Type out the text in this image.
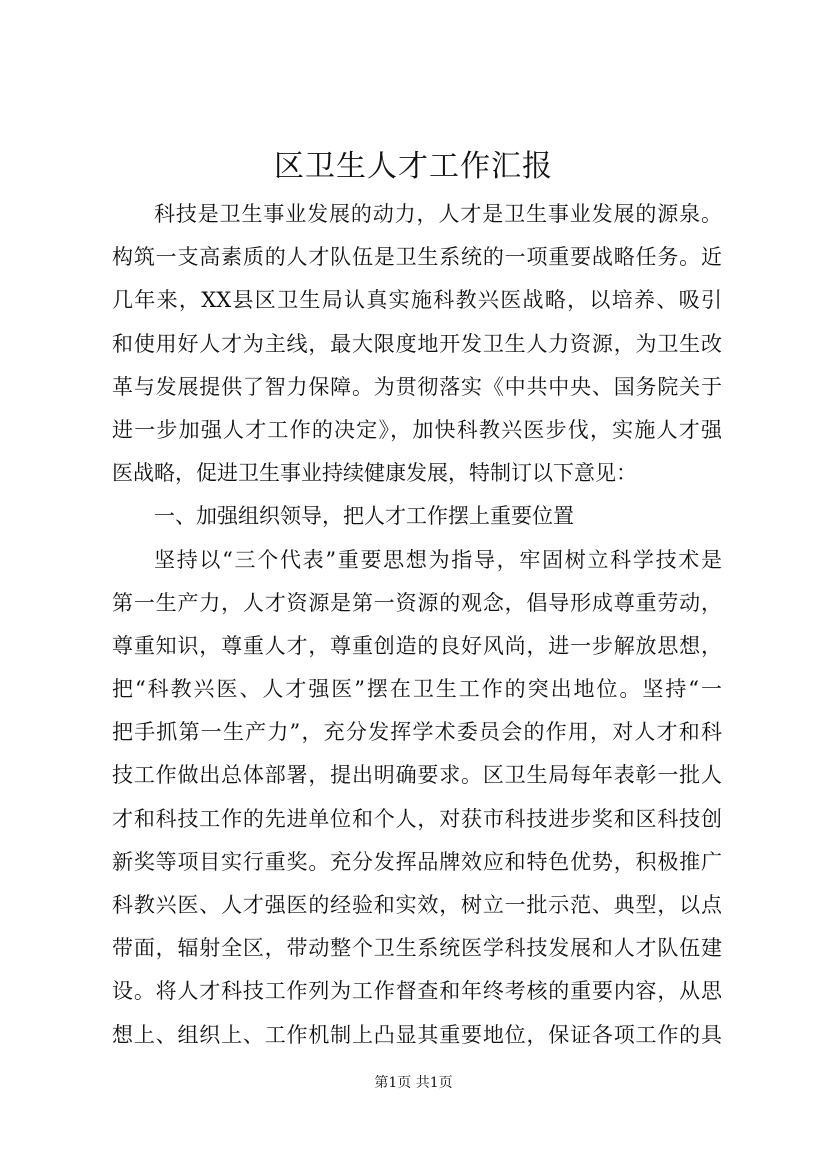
区卫生人才工作汇报
科技是卫生事业发展的动力，人才是卫生事业发展的源泉。
构筑一支高素质的人才队伍是卫生系统的一项重要战略任务。近
几年来，XX县区卫生局认真实施科教兴医战略，以培养、吸引
和使用好人才为主线，最大限度地开发卫生人力资源，为卫生改
革与发展提供了智力保障。为贯彻落实《中共中央、国务院关于
进一步加强人才工作的决定》，加快科教兴医步伐，实施人才强
医战略，促进卫生事业持续健康发展，特制订以下意见：
一、加强组织领导，把人才工作摆上重要位置
坚持以“三个代表”重要思想为指导，牢固树立科学技术是
第一生产力，人才资源是第一资源的观念，倡导形成尊重劳动，
尊重知识，尊重人才，尊重创造的良好风尚，进一步解放思想，
把“科教兴医、人才强医”摆在卫生工作的突出地位。坚持“一
把手抓第一生产力”，充分发挥学术委员会的作用，对人才和科
技工作做出总体部署，提出明确要求。区卫生局每年表彰一批人
才和科技工作的先进单位和个人，对获市科技进步奖和区科技创
新奖等项目实行重奖。充分发挥品牌效应和特色优势，积极推广
科教兴医、人才强医的经验和实效，树立一批示范、典型，以点
带面，辐射全区，带动整个卫生系统医学科技发展和人才队伍建
设。将人才科技工作列为工作督查和年终考核的重要内容，从思
想上、组织上、工作机制上凸显其重要地位，保证各项工作的具
第1页 共1页
